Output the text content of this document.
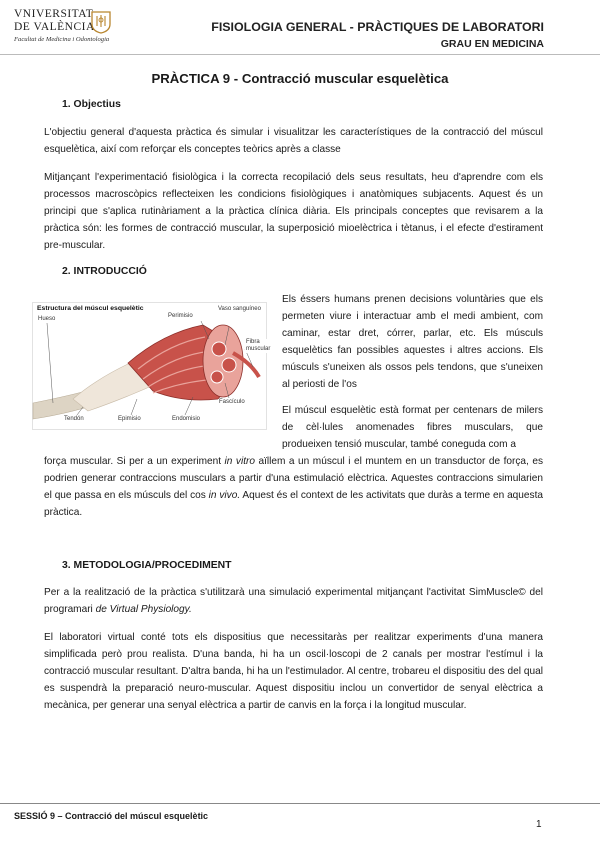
VNIVERSITAT
DE VALÈNCIA
Facultat de Medicina i Odontologia
FISIOLOGIA GENERAL - PRÀCTIQUES DE LABORATORI
GRAU EN MEDICINA
PRÀCTICA 9 - Contracció muscular esquelètica
1. Objectius
L'objectiu general d'aquesta pràctica és simular i visualitzar les característiques de la contracció del múscul esquelètica, així com reforçar els conceptes teòrics après a classe
Mitjançant l'experimentació fisiològica i la correcta recopilació dels seus resultats, heu d'aprendre com els processos macroscòpics reflecteixen les condicions fisiològiques i anatòmiques subjacents. Aquest és un principi que s'aplica rutinàriament a la pràctica clínica diària. Els principals conceptes que revisarem a la pràctica són: les formes de contracció muscular, la superposició mioelèctrica i tètanus, i el efecte d'estirament pre-muscular.
2. INTRODUCCIÓ
Estructura del múscul esquelètic
Hueso	Perimisio
Vaso sanguíneo
Fibra muscular
Fascículo
Tendón	Epimisio	Endomisio
Els éssers humans prenen decisions voluntàries que els permeten viure i interactuar amb el medi ambient, com caminar, estar dret, córrer, parlar, etc. Els músculs esquelètics fan possibles aquestes i altres accions. Els músculs s'uneixen als ossos pels tendons, que s'uneixen al periosti de l'os
El múscul esquelètic està format per centenars de milers de cèl·lules anomenades fibres musculars, que produeixen tensió muscular, també coneguda com a
força muscular. Si per a un experiment in vitro aïllem a un múscul i el muntem en un transductor de força, es podrien generar contraccions musculars a partir d'una estimulació elèctrica. Aquestes contraccions simularien el que passa en els músculs del cos in vivo. Aquest és el context de les activitats que duràs a terme en aquesta pràctica.
3. METODOLOGIA/PROCEDIMENT
Per a la realització de la pràctica s'utilitzarà una simulació experimental mitjançant l'activitat SimMuscle© del programari de Virtual Physiology.
El laboratori virtual conté tots els dispositius que necessitaràs per realitzar experiments d'una manera simplificada però prou realista. D'una banda, hi ha un oscil·loscopi de 2 canals per mostrar l'estímul i la contracció muscular resultant. D'altra banda, hi ha un l'estimulador. Al centre, trobareu el dispositiu des del qual es suspendrà la preparació neuro-muscular. Aquest dispositiu inclou un convertidor de senyal elèctrica a mecànica, per generar una senyal elèctrica a partir de canvis en la força i la longitud muscular.
SESSIÓ 9 – Contracció del múscul esquelètic
1
